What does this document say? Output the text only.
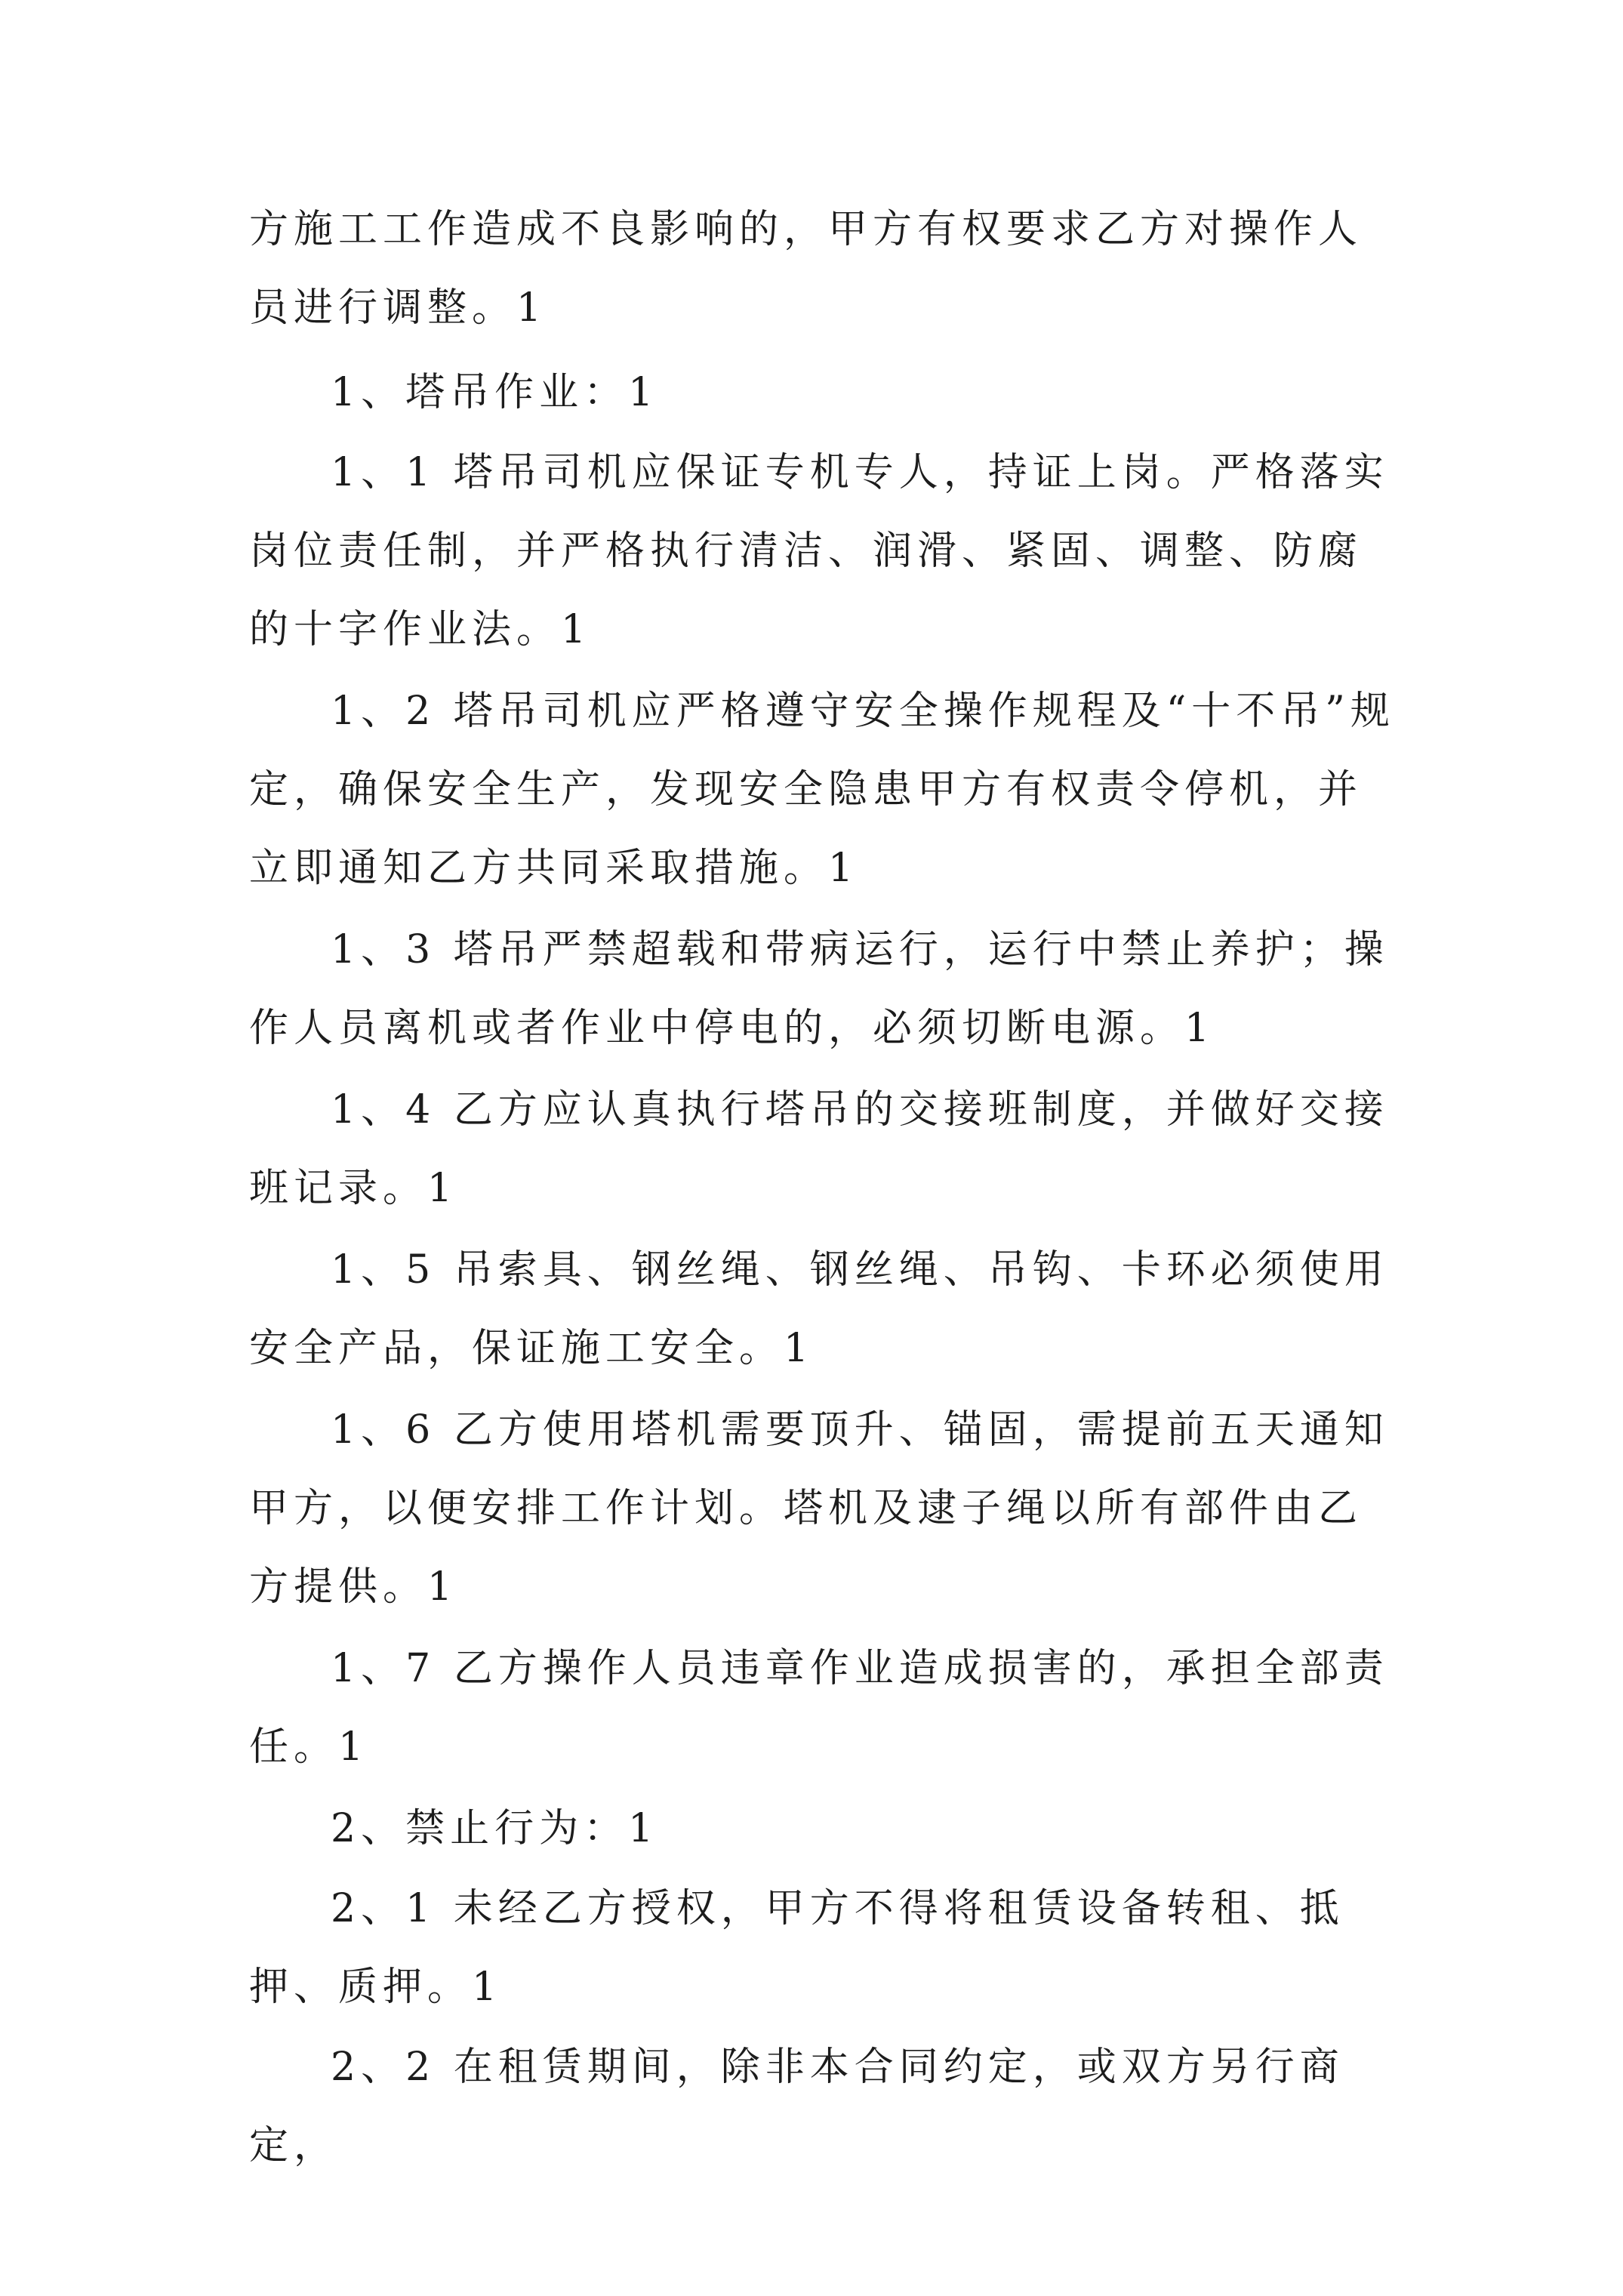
方施工工作造成不良影响的，甲方有权要求乙方对操作人员进行调整。1

1、塔吊作业：1

1、1 塔吊司机应保证专机专人，持证上岗。严格落实岗位责任制，并严格执行清洁、润滑、紧固、调整、防腐的十字作业法。1

1、2 塔吊司机应严格遵守安全操作规程及“十不吊”规定，确保安全生产，发现安全隐患甲方有权责令停机，并立即通知乙方共同采取措施。1

1、3 塔吊严禁超载和带病运行，运行中禁止养护；操作人员离机或者作业中停电的，必须切断电源。1

1、4 乙方应认真执行塔吊的交接班制度，并做好交接班记录。1

1、5 吊索具、钢丝绳、钢丝绳、吊钩、卡环必须使用安全产品，保证施工安全。1

1、6 乙方使用塔机需要顶升、锚固，需提前五天通知甲方，以便安排工作计划。塔机及逮子绳以所有部件由乙方提供。1

1、7 乙方操作人员违章作业造成损害的，承担全部责任。1

2、禁止行为：1

2、1 未经乙方授权，甲方不得将租赁设备转租、抵押、质押。1

2、2 在租赁期间，除非本合同约定，或双方另行商定，
